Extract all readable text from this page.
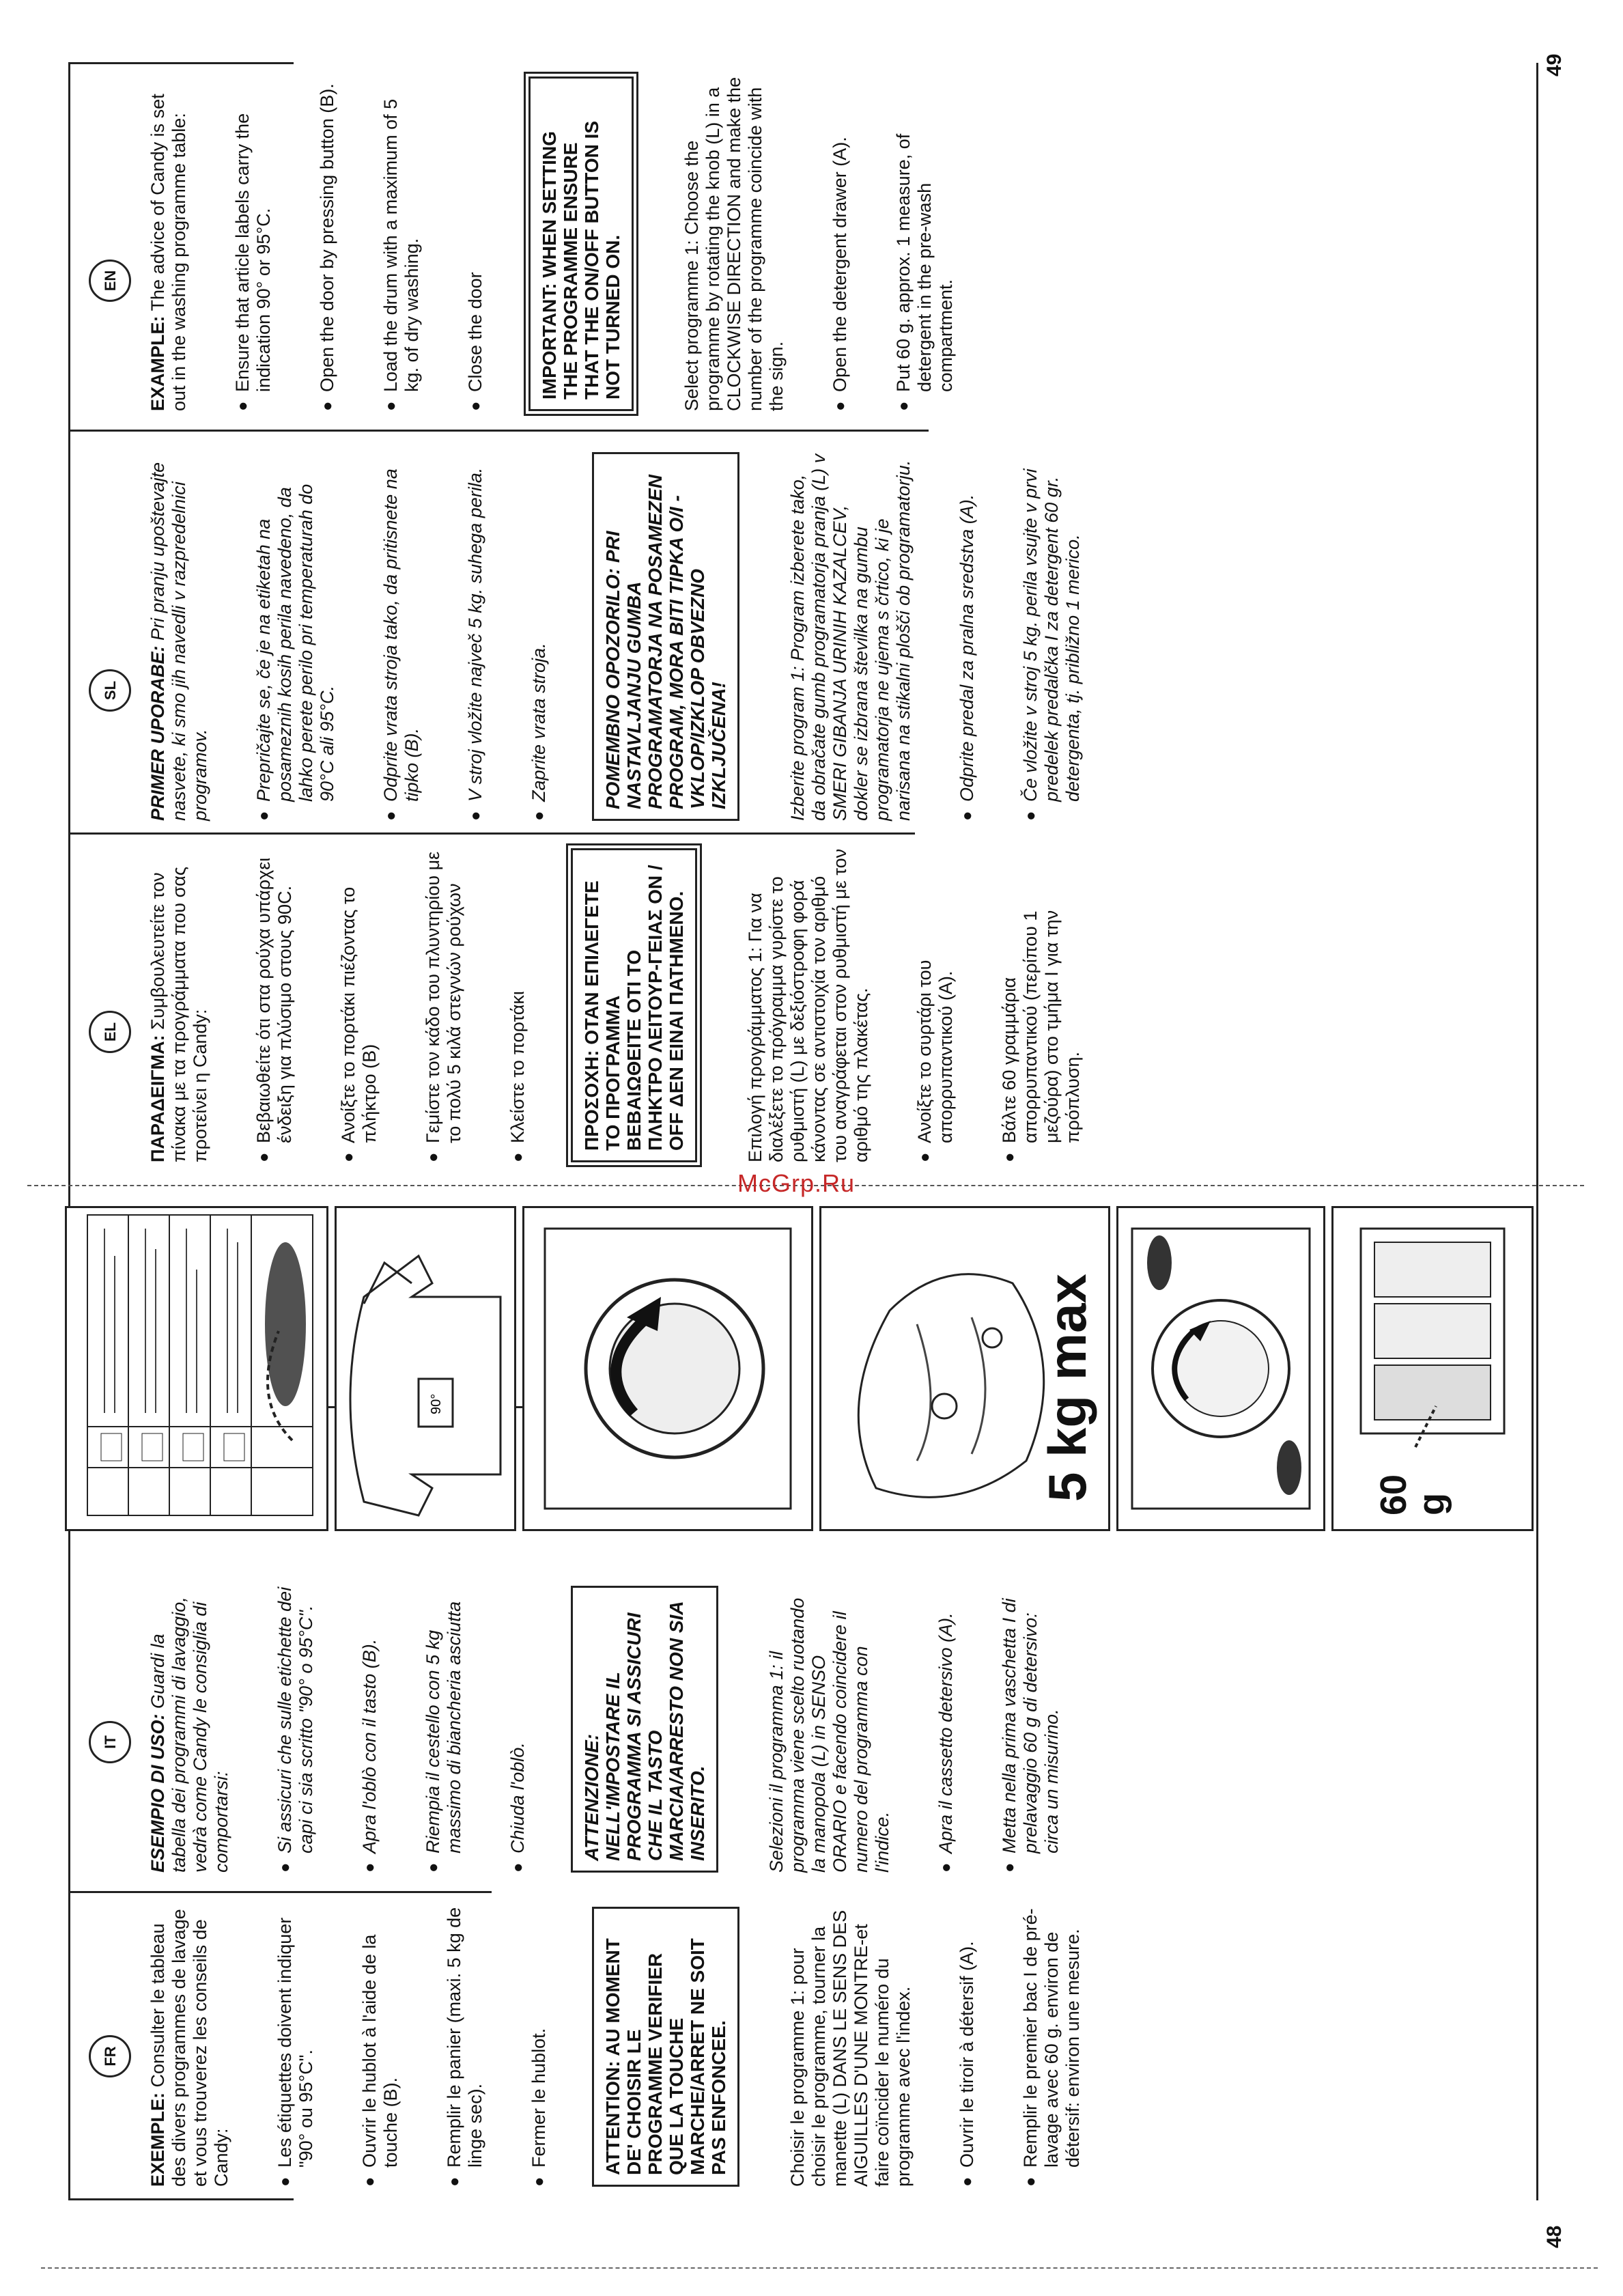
48
49
McGrp.Ru
FR
EXEMPLE: Consulter le tableau des divers programmes de lavage et vous trouverez les conseils de Candy: ● Les étiquettes doivent indiquer "90° ou 95°C". ● Ouvrir le hublot à l'aide de la touche (B). ● Remplir le panier (maxi. 5 kg de linge sec). ● Fermer le hublot.	ATTENTION: AU MOMENT DE' CHOISIR LE PROGRAMME VERIFIER QUE LA TOUCHE MARCHE/ARRET NE SOIT PAS ENFONCEE.	Choisir le programme 1: pour choisir le programme, tourner la manette (L) DANS LE SENS DES AIGUILLES D'UNE MONTRE-et faire coïncider le numéro du programme avec l'index. ● Ouvrir le tiroir à détersif (A). ● Remplir le premier bac I de pré-lavage avec 60 g. environ de détersif: environ une mesure.
IT	ESEMPIO DI USO: Guardi la tabella dei programmi di lavaggio, vedrà come Candy le consiglia di comportarsi: ● Si assicuri che sulle etichette dei capi ci sia scritto "90° o 95°C". ● Apra l'oblò con il tasto (B). ● Riempia il cestello con 5 kg massimo di biancheria asciutta ● Chiuda l'oblò.	ATTENZIONE: NELL'IMPOSTARE IL PROGRAMMA SI ASSICURI CHE IL TASTO MARCIA/ARRESTO NON SIA INSERITO.	Selezioni il programma 1: il programma viene scelto ruotando la manopola (L) in SENSO ORARIO e facendo coincidere il numero del programma con l'indice. ● Apra il cassetto detersivo (A). ● Metta nella prima vaschetta I di prelavaggio 60 g di detersivo: circa un misurino.
90°	5 kg max	60 g
EL
ΠΑΡΑΔΕΙΓΜΑ: Συμβουλευτείτε τον πίνακα με τα προγράμματα που σας προτείνει η Candy: ● Βεβαιωθείτε ότι στα ρούχα υπάρχει ένδειξη για πλύσιμο στους 90C. ● Ανοίξτε το πορτάκι πιέζοντας το πλήκτρο (B) ● Γεμίστε τον κάδο του πλυντηρίου με το πολύ 5 κιλά στεγνών ρούχων ● Κλείστε το πορτάκι	ΠΡΟΣΟΧΗ: ΟΤΑΝ ΕΠΙΛΕΓΕΤΕ ΤΟ ΠΡΟΓΡΑΜΜΑ ΒΕΒΑΙΩΘΕΙΤΕ ΟΤΙ ΤΟ ΠΛΗΚΤΡΟ ΛΕΙΤΟΥΡ-ΓΕΙΑΣ ON / OFF ΔΕΝ ΕΙΝΑΙ ΠΑΤΗΜΕΝΟ.	Επιλογή προγράμματος 1: Για να διαλέξετε το πρόγραμμα γυρίστε το ρυθμιστή (L) με δεξιόστροφη φορά κάνοντας σε αντιστοιχία τον αριθμό του αναγράφεται στον ρυθμιστή με τον αριθμό της πλακέτας. ● Ανοίξτε το συρτάρι του απορρυπαντικού (A). ● Βάλτε 60 γραμμάρια απορρυπαντικού (περίπου 1 μεζούρα) στο τμήμα I για την πρόπλυση.
SL	PRIMER UPORABE: Pri pranju upoštevajte nasvete, ki smo jih navedli v razpredelnici programov. ● Prepričajte se, če je na etiketah na posameznih kosih perila navedeno, da lahko perete perilo pri temperaturah do 90°C ali 95°C. ● Odprite vrata stroja tako, da pritisnete na tipko (B). ● V stroj vložite največ 5 kg. suhega perila. ● Zaprite vrata stroja.	POMEMBNO OPOZORILO: PRI NASTAVLJANJU GUMBA PROGRAMATORJA NA POSAMEZEN PROGRAM, MORA BITI TIPKA O/I - VKLOP/IZKLOP OBVEZNO IZKLJUČENA!	Izberite program 1: Program izberete tako, da obračate gumb programatorja pranja (L) v SMERI GIBANJA URINIH KAZALCEV, dokler se izbrana številka na gumbu programatorja ne ujema s črtico, ki je narisana na stikalni plošči ob programatorju. ● Odprite predal za pralna sredstva (A). ● Če vložite v stroj 5 kg. perila vsujte v prvi predelek predalčka I za detergent 60 gr. detergenta, tj. približno 1 merico.
EN
EXAMPLE: The advice of Candy is set out in the washing programme table: ● Ensure that article labels carry the indication 90° or 95°C. ● Open the door by pressing button (B). ● Load the drum with a maximum of 5 kg. of dry washing. ● Close the door	IMPORTANT: WHEN SETTING THE PROGRAMME ENSURE THAT THE ON/OFF BUTTON IS NOT TURNED ON.	Select programme 1: Choose the programme by rotating the knob (L) in a CLOCKWISE DIRECTION and make the number of the programme coincide with the sign. ● Open the detergent drawer (A). ● Put 60 g. approx. 1 measure, of detergent in the pre-wash compartment.
